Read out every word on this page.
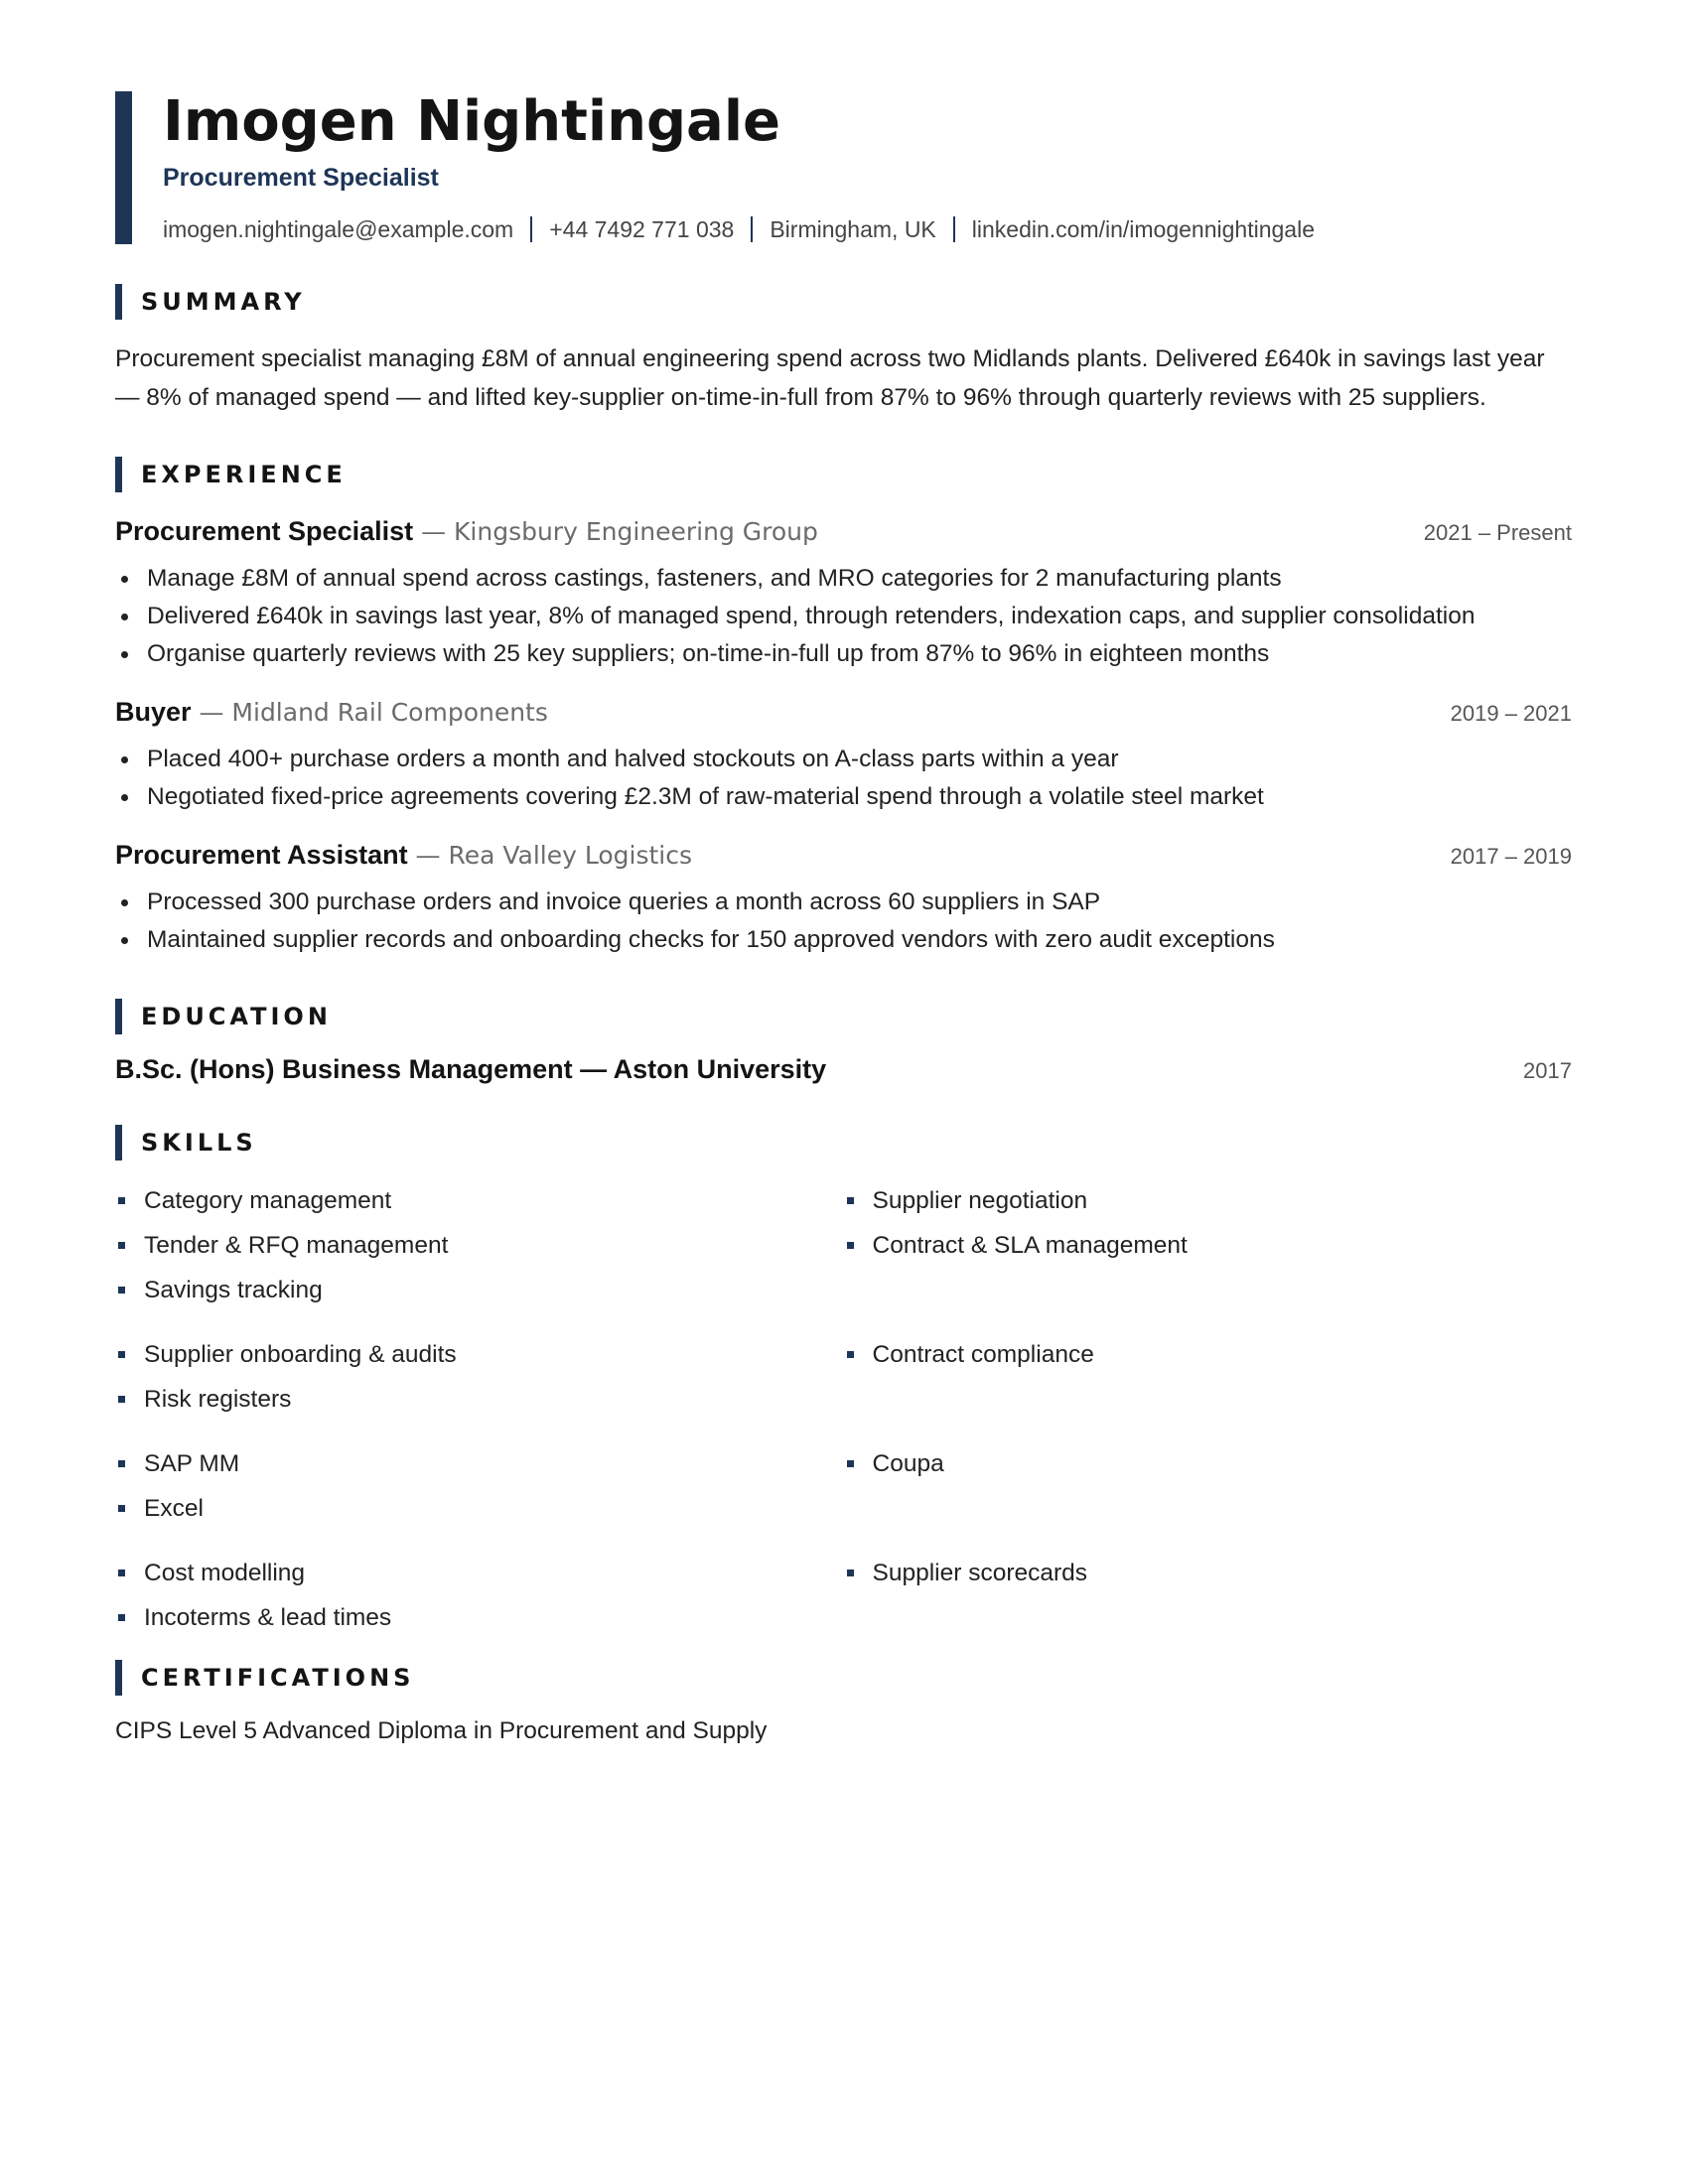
Imogen Nightingale
Procurement Specialist
imogen.nightingale@example.com +44 7492 771 038 Birmingham, UK linkedin.com/in/imogennightingale
SUMMARY

Procurement specialist managing £8M of annual engineering spend across two Midlands plants. Delivered £640k in savings last year — 8% of managed spend — and lifted key-supplier on-time-in-full from 87% to 96% through quarterly reviews with 25 suppliers.

EXPERIENCE
Procurement Specialist — Kingsbury Engineering Group	2021 – Present
Manage £8M of annual spend across castings, fasteners, and MRO categories for 2 manufacturing plants
Delivered £640k in savings last year, 8% of managed spend, through retenders, indexation caps, and supplier consolidation
Organise quarterly reviews with 25 key suppliers; on-time-in-full up from 87% to 96% in eighteen months
Buyer — Midland Rail Components	2019 – 2021
Placed 400+ purchase orders a month and halved stockouts on A-class parts within a year
Negotiated fixed-price agreements covering £2.3M of raw-material spend through a volatile steel market
Procurement Assistant — Rea Valley Logistics	2017 – 2019
Processed 300 purchase orders and invoice queries a month across 60 suppliers in SAP
Maintained supplier records and onboarding checks for 150 approved vendors with zero audit exceptions
EDUCATION
B.Sc. (Hons) Business Management — Aston University	2017
SKILLS
Category management
Tender & RFQ management
Savings tracking
Supplier negotiation
Contract & SLA management
Supplier onboarding & audits
Risk registers
Contract compliance
SAP MM
Excel
Coupa
Cost modelling
Incoterms & lead times
Supplier scorecards
CERTIFICATIONS

CIPS Level 5 Advanced Diploma in Procurement and Supply
